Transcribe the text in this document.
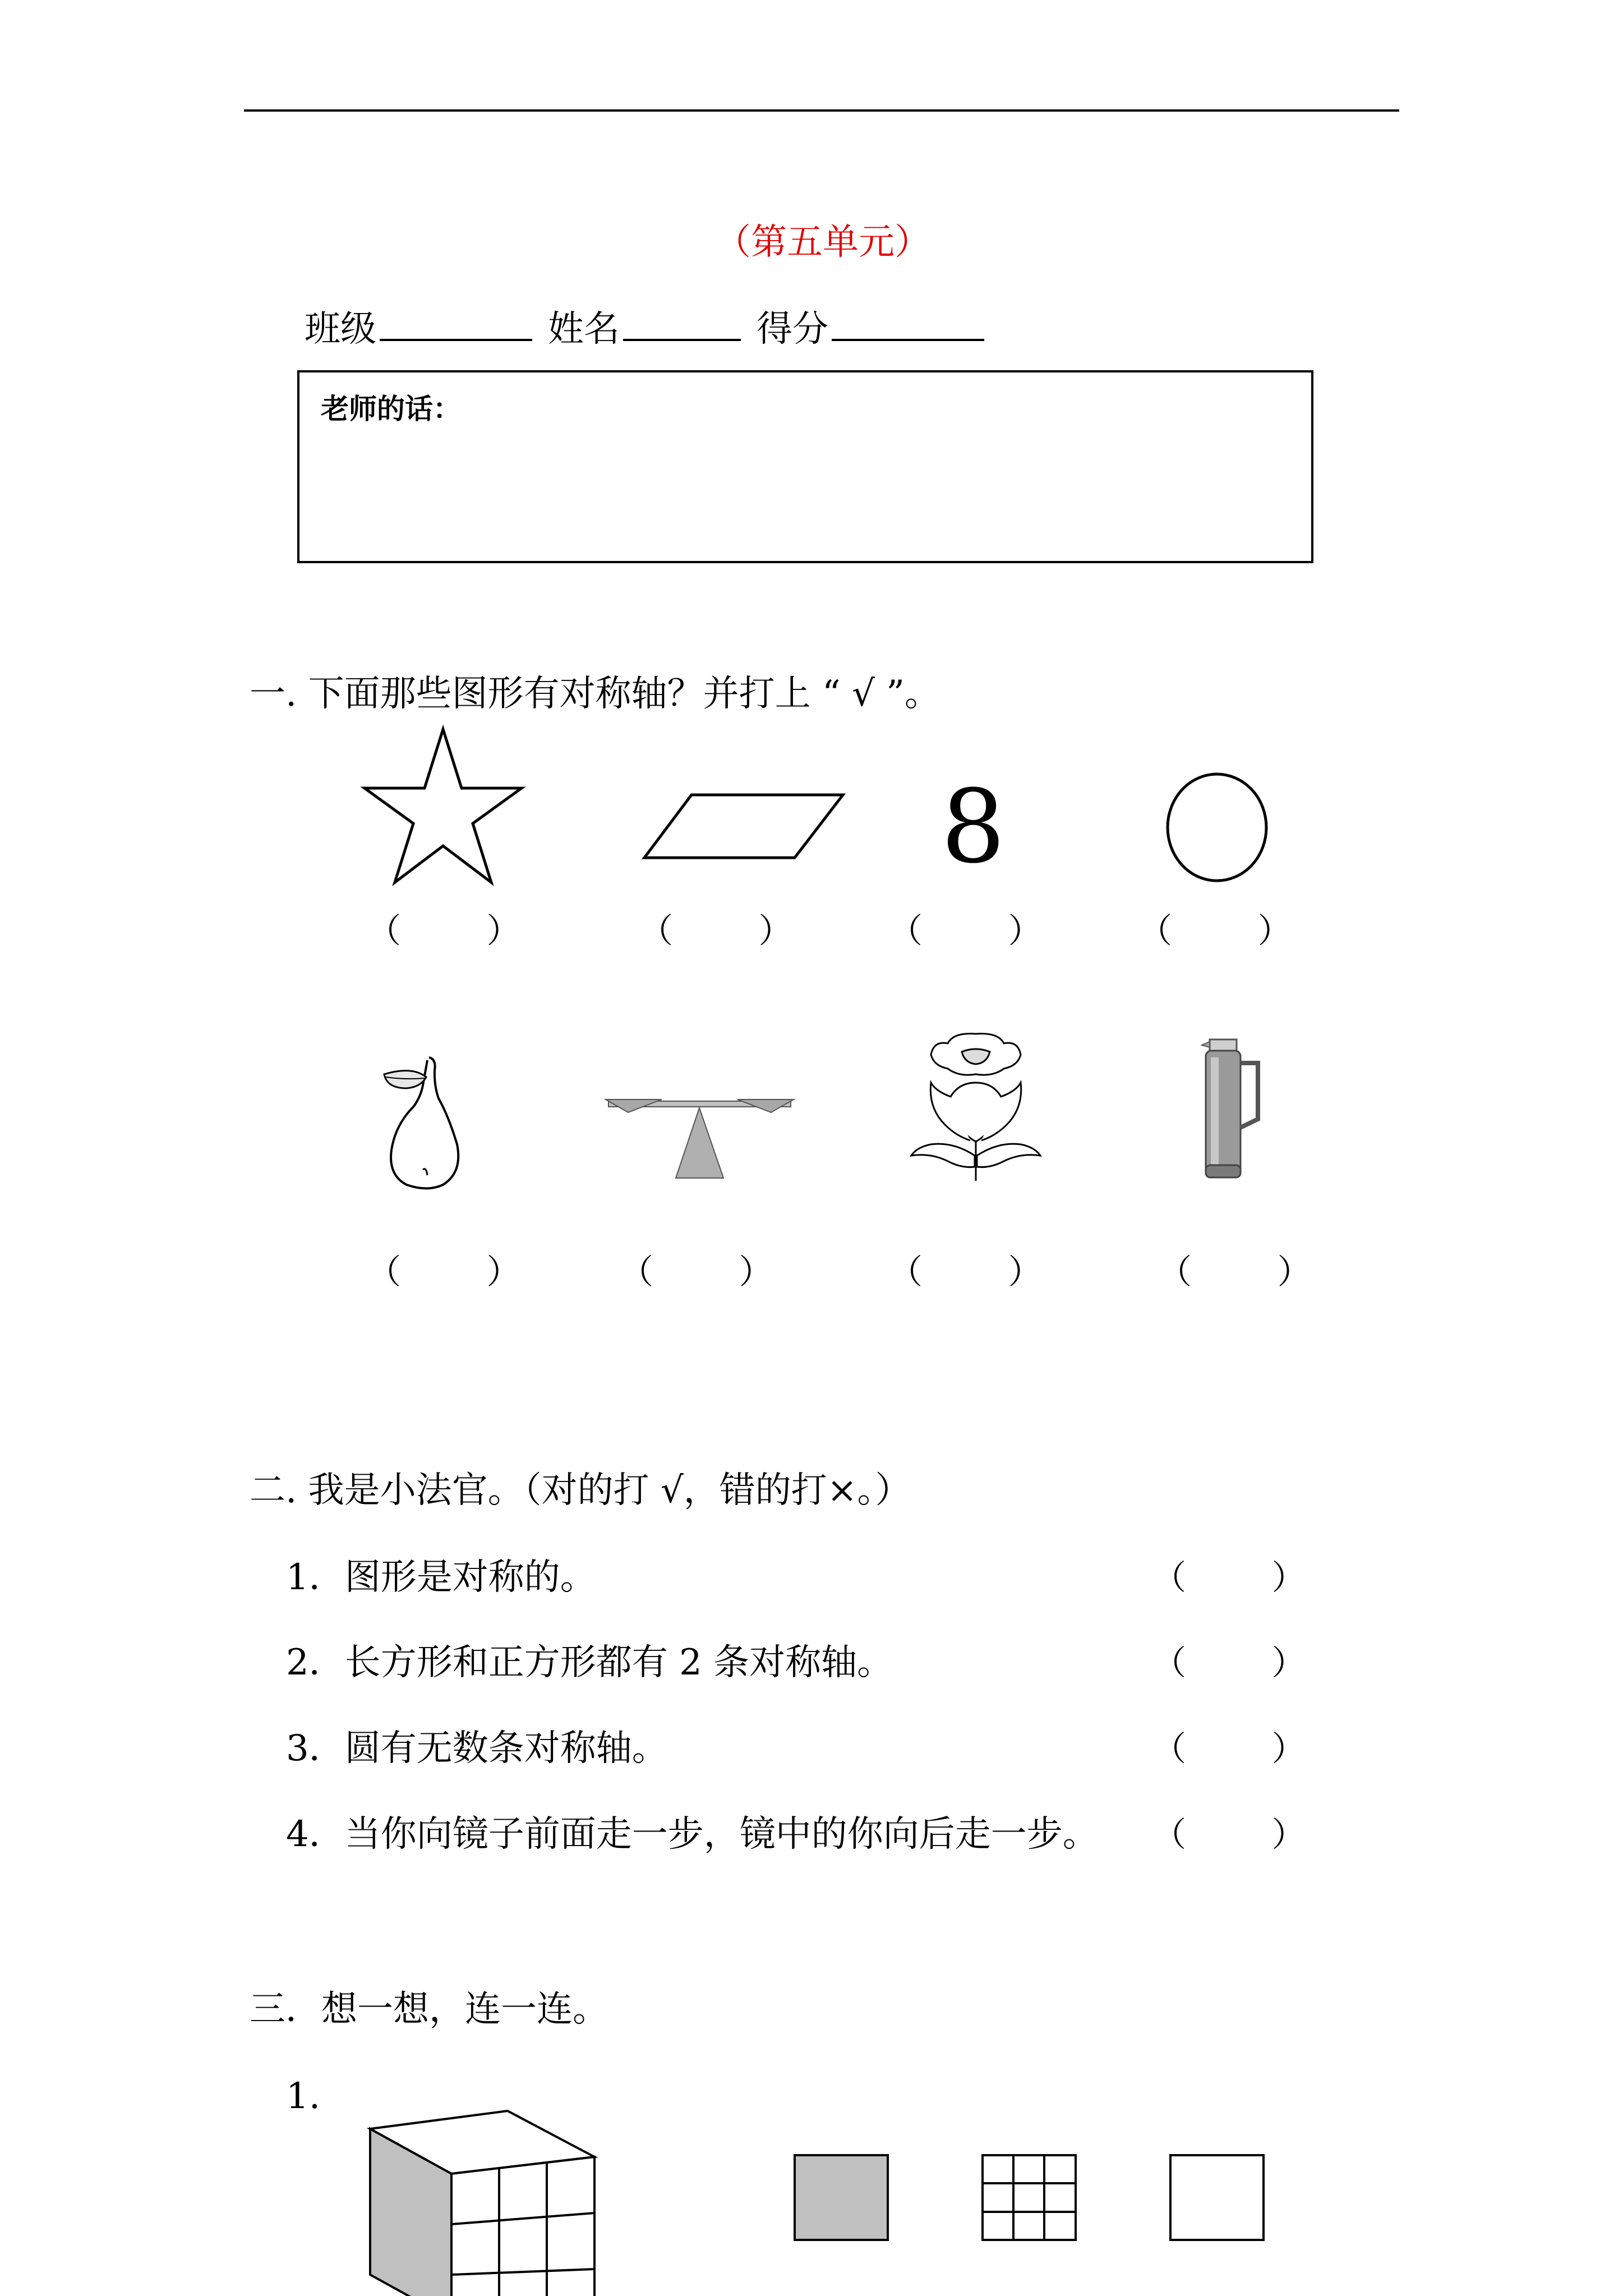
（第五单元）
班级	姓名	得分
老师的话：
一. 下面那些图形有对称轴？并打上 “ √ ”。
8
（        ）	（        ）	（        ）	（        ）
（        ）	（        ）	（        ）	（        ）
二. 我是小法官。（对的打 √，错的打×。）
1．图形是对称的。	（        ）
2．长方形和正方形都有 2 条对称轴。	（        ）
3．圆有无数条对称轴。	（        ）
4．当你向镜子前面走一步，镜中的你向后走一步。 （        ）
三．想一想，连一连。
1.
